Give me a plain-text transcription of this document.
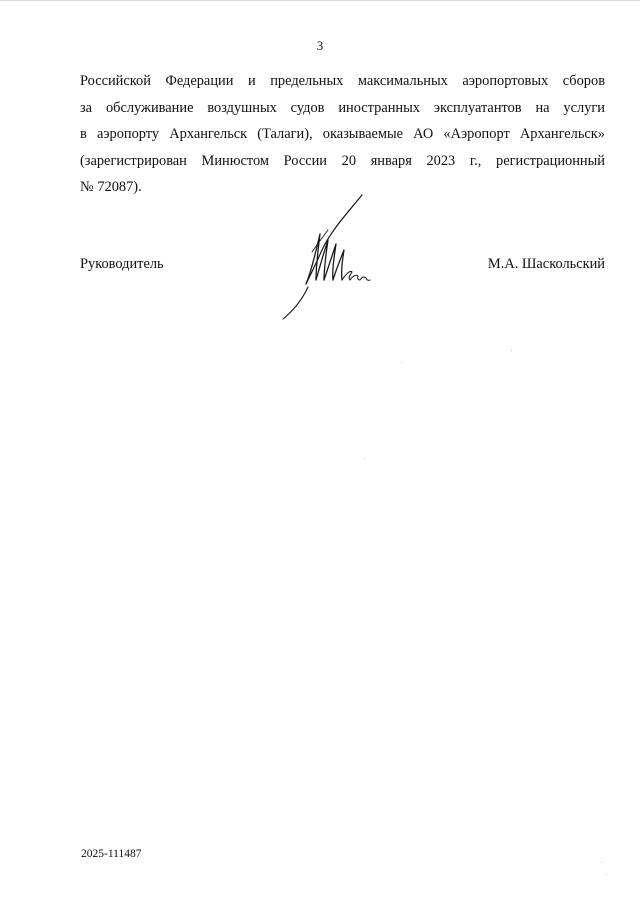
3
Российской Федерации и предельных максимальных аэропортовых сборов
за обслуживание воздушных судов иностранных эксплуатантов на услуги
в аэропорту Архангельск (Талаги), оказываемые АО «Аэропорт Архангельск»
(зарегистрирован Минюстом России 20 января 2023 г., регистрационный
№ 72087).
Руководитель	М.А. Шаскольский
2025-111487
